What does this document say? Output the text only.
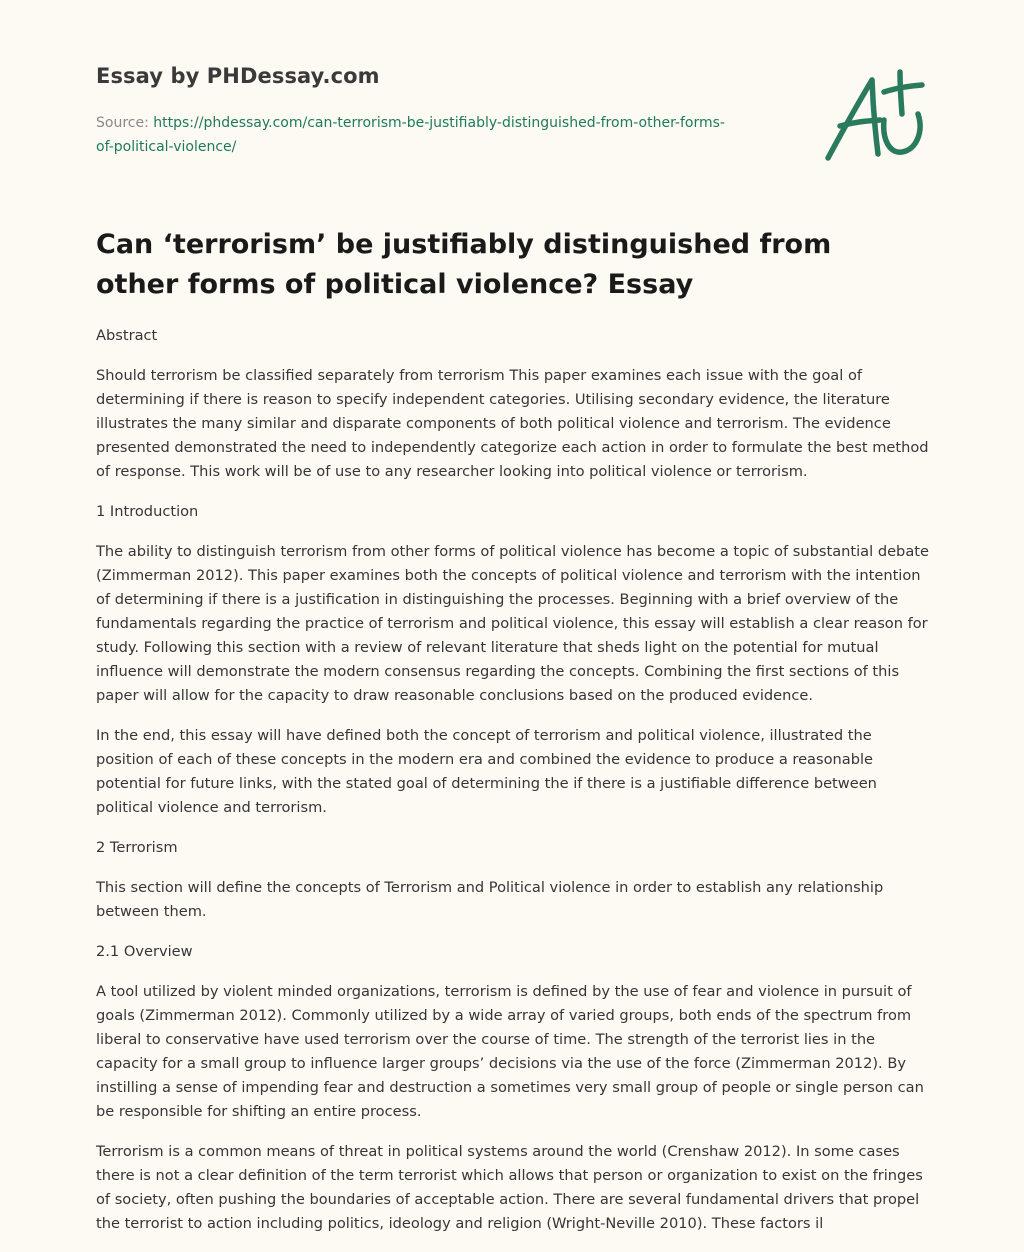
Essay by PHDessay.com
Source: https://phdessay.com/can-terrorism-be-justifiably-distinguished-from-other-forms-of-political-violence/
Can ‘terrorism’ be justifiably distinguished from other forms of political violence? Essay

Abstract

Should terrorism be classified separately from terrorism This paper examines each issue with the goal of determining if there is reason to specify independent categories. Utilising secondary evidence, the literature illustrates the many similar and disparate components of both political violence and terrorism. The evidence presented demonstrated the need to independently categorize each action in order to formulate the best method of response. This work will be of use to any researcher looking into political violence or terrorism.

1 Introduction

The ability to distinguish terrorism from other forms of political violence has become a topic of substantial debate (Zimmerman 2012). This paper examines both the concepts of political violence and terrorism with the intention of determining if there is a justification in distinguishing the processes. Beginning with a brief overview of the fundamentals regarding the practice of terrorism and political violence, this essay will establish a clear reason for study. Following this section with a review of relevant literature that sheds light on the potential for mutual influence will demonstrate the modern consensus regarding the concepts. Combining the first sections of this paper will allow for the capacity to draw reasonable conclusions based on the produced evidence.

In the end, this essay will have defined both the concept of terrorism and political violence, illustrated the position of each of these concepts in the modern era and combined the evidence to produce a reasonable potential for future links, with the stated goal of determining the if there is a justifiable difference between political violence and terrorism.

2 Terrorism

This section will define the concepts of Terrorism and Political violence in order to establish any relationship between them.

2.1 Overview

A tool utilized by violent minded organizations, terrorism is defined by the use of fear and violence in pursuit of goals (Zimmerman 2012). Commonly utilized by a wide array of varied groups, both ends of the spectrum from liberal to conservative have used terrorism over the course of time. The strength of the terrorist lies in the capacity for a small group to influence larger groups’ decisions via the use of the force (Zimmerman 2012). By instilling a sense of impending fear and destruction a sometimes very small group of people or single person can be responsible for shifting an entire process.

Terrorism is a common means of threat in political systems around the world (Crenshaw 2012). In some cases there is not a clear definition of the term terrorist which allows that person or organization to exist on the fringes of society, often pushing the boundaries of acceptable action. There are several fundamental drivers that propel the terrorist to action including politics, ideology and religion (Wright-Neville 2010). These factors il
